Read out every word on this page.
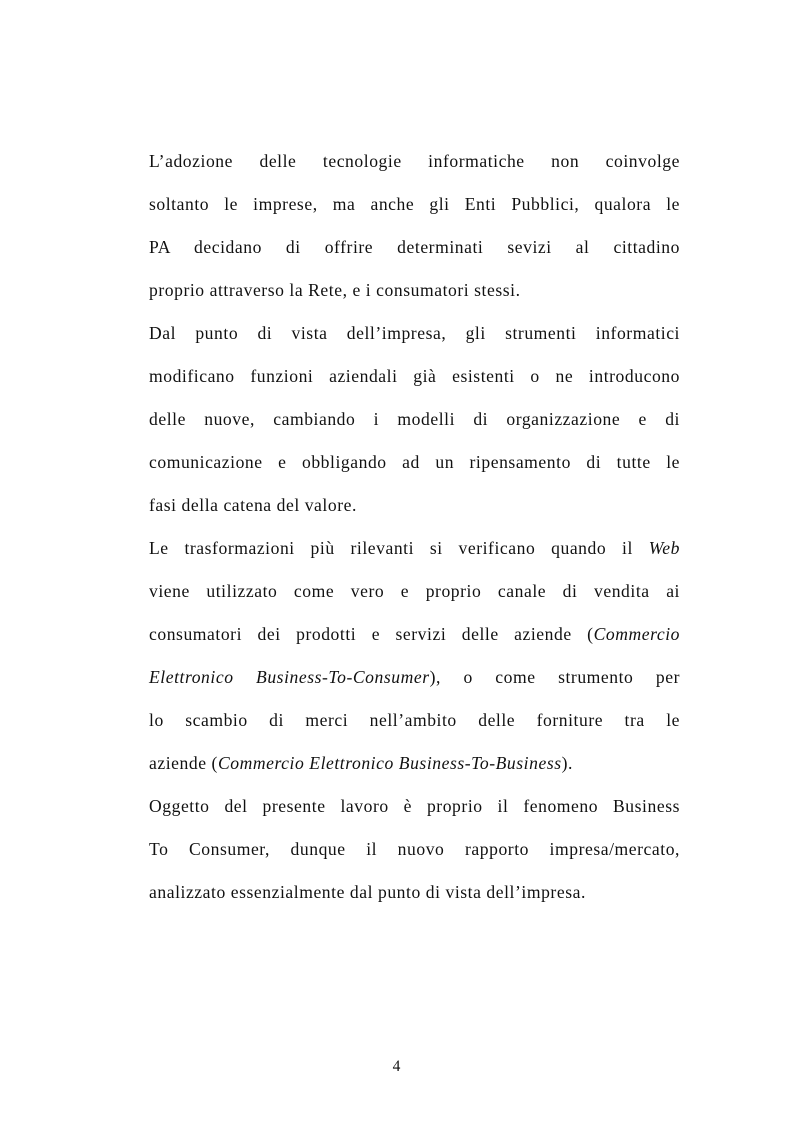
L’adozione delle tecnologie informatiche non coinvolge
soltanto le imprese, ma anche gli Enti Pubblici, qualora le
PA decidano di offrire determinati sevizi al cittadino
proprio attraverso la Rete, e i consumatori stessi.
Dal punto di vista dell’impresa, gli strumenti informatici
modificano funzioni aziendali già esistenti o ne introducono
delle nuove, cambiando i modelli di organizzazione e di
comunicazione e obbligando ad un ripensamento di tutte le
fasi della catena del valore.
Le trasformazioni più rilevanti si verificano quando il Web
viene utilizzato come vero e proprio canale di vendita ai
consumatori dei prodotti e servizi delle aziende (Commercio
Elettronico Business-To-Consumer), o come strumento per
lo scambio di merci nell’ambito delle forniture tra le
aziende (Commercio Elettronico Business-To-Business).
Oggetto del presente lavoro è proprio il fenomeno Business
To Consumer, dunque il nuovo rapporto impresa/mercato,
analizzato essenzialmente dal punto di vista dell’impresa.
4
